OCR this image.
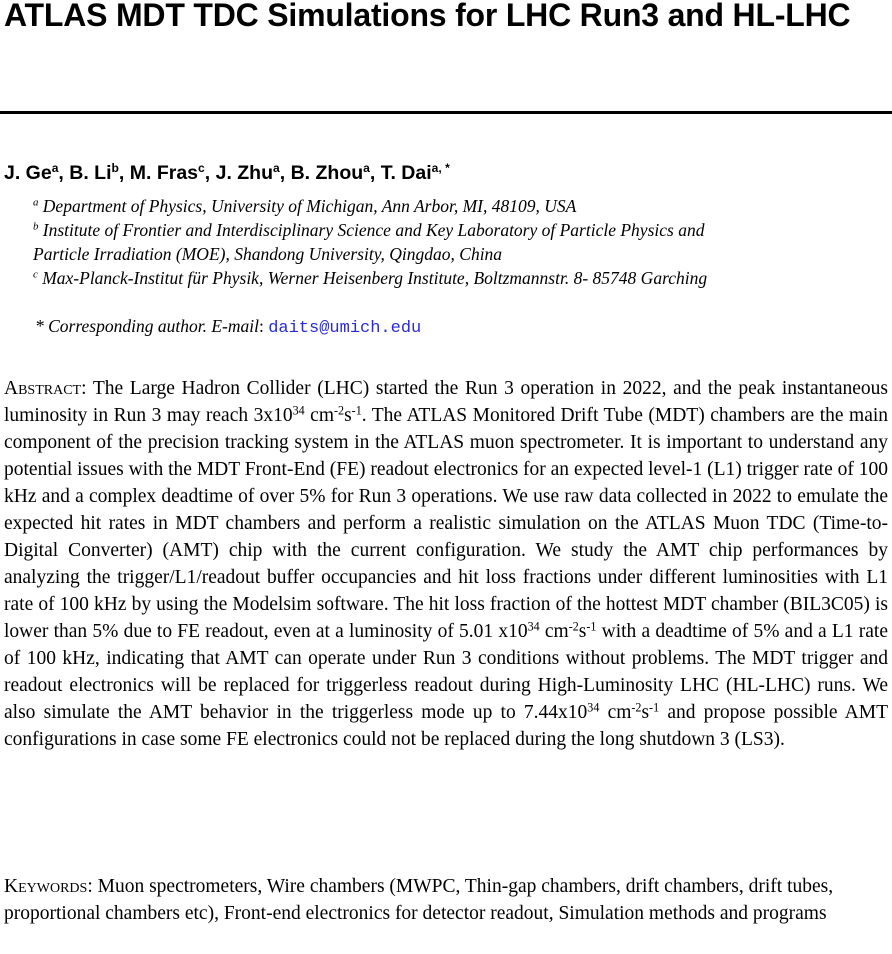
ATLAS MDT TDC Simulations for LHC Run3 and HL-LHC

J. Ge$^a$, B. Li$^b$, M. Fras$^c$, J. Zhu$^a$, B. Zhou$^a$, T. Dai$^{a, *}$

$^a$ Department of Physics, University of Michigan, Ann Arbor, MI, 48109, USA

$^b$ Institute of Frontier and Interdisciplinary Science and Key Laboratory of Particle Physics and

Particle Irradiation (MOE), Shandong University, Qingdao, China

$^c$ Max-Planck-Institut für Physik, Werner Heisenberg Institute, Boltzmannstr. 8- 85748 Garching

* Corresponding author. E-mail: daits@umich.edu

Abstract: The Large Hadron Collider (LHC) started the Run 3 operation in 2022, and the peak instantaneous luminosity in Run 3 may reach $3x10^{34}$ $cm^{-2}s^{-1}$. The ATLAS Monitored Drift Tube (MDT) chambers are the main component of the precision tracking system in the ATLAS muon spectrometer. It is important to understand any potential issues with the MDT Front-End (FE) readout electronics for an expected level-1 (L1) trigger rate of 100 kHz and a complex deadtime of over 5% for Run 3 operations. We use raw data collected in 2022 to emulate the expected hit rates in MDT chambers and perform a realistic simulation on the ATLAS Muon TDC (Time-to-Digital Converter) (AMT) chip with the current configuration. We study the AMT chip performances by analyzing the trigger/L1/readout buffer occupancies and hit loss fractions under different luminosities with L1 rate of 100 kHz by using the Modelsim software. The hit loss fraction of the hottest MDT chamber (BIL3C05) is lower than 5% due to FE readout, even at a luminosity of 5.01 $x10^{34}$ $cm^{-2}s^{-1}$ with a deadtime of 5% and a L1 rate of 100 kHz, indicating that AMT can operate under Run 3 conditions without problems. The MDT trigger and readout electronics will be replaced for triggerless readout during High-Luminosity LHC (HL-LHC) runs. We also simulate the AMT behavior in the triggerless mode up to $7.44x10^{34}$ $cm^{-2}s^{-1}$ and propose possible AMT configurations in case some FE electronics could not be replaced during the long shutdown 3 (LS3).

Keywords: Muon spectrometers, Wire chambers (MWPC, Thin-gap chambers, drift chambers, drift tubes, proportional chambers etc), Front-end electronics for detector readout, Simulation methods and programs
